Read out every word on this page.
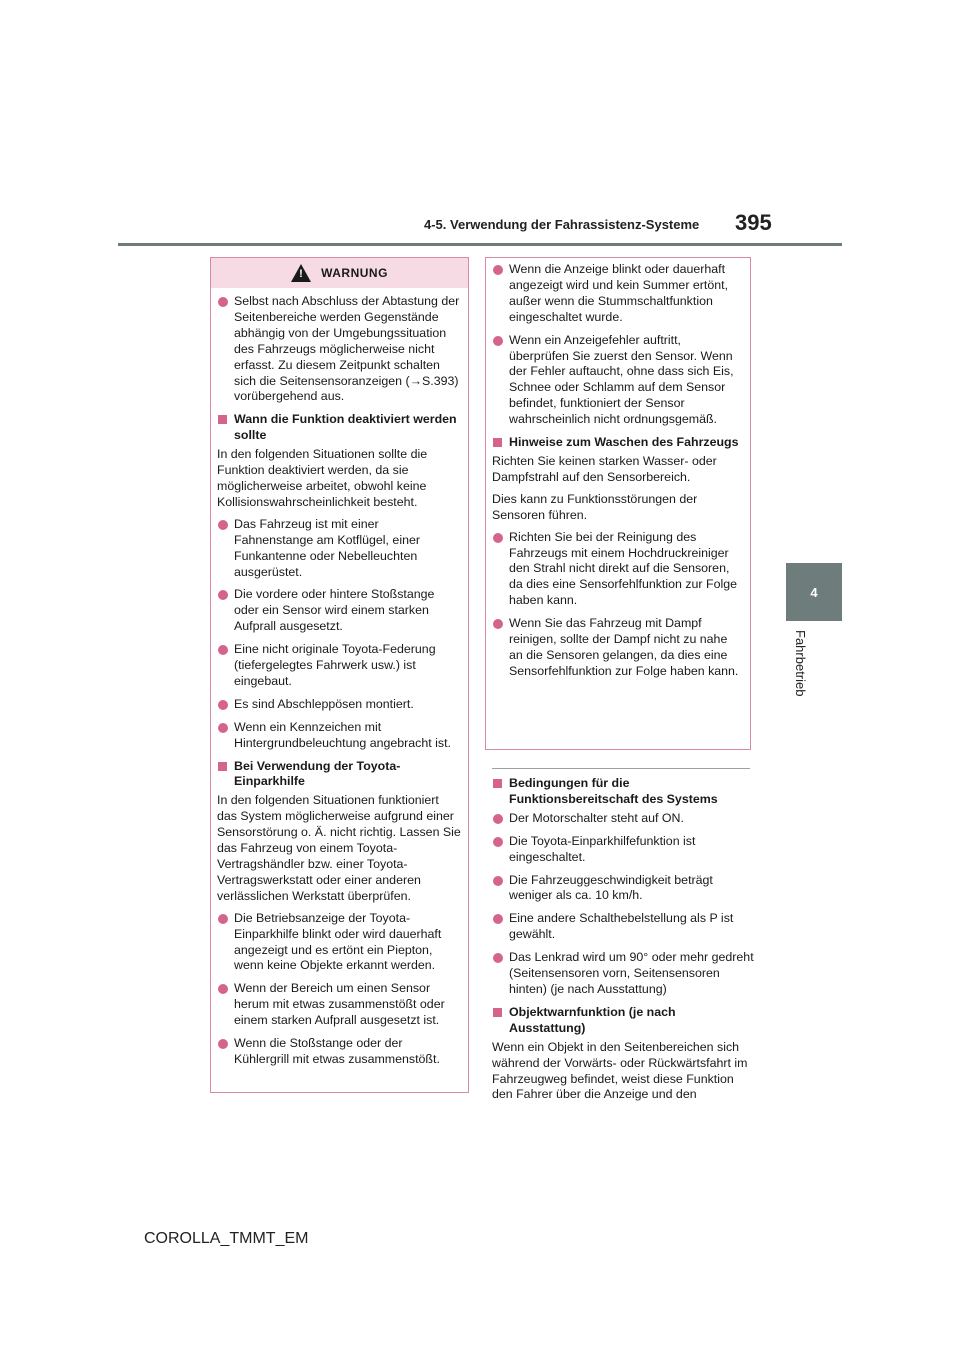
4-5. Verwendung der Fahrassistenz-Systeme 395
4
Fahrbetrieb
!
WARNUNG
Selbst nach Abschluss der Abtastung der Seitenbereiche werden Gegenstände abhängig von der Umgebungssituation des Fahrzeugs möglicherweise nicht erfasst. Zu diesem Zeitpunkt schalten sich die Seitensensoranzeigen (→S.393) vorübergehend aus.
Wann die Funktion deaktiviert werden sollte
In den folgenden Situationen sollte die Funktion deaktiviert werden, da sie möglicherweise arbeitet, obwohl keine Kollisionswahrscheinlichkeit besteht.
Das Fahrzeug ist mit einer Fahnenstange am Kotflügel, einer Funkantenne oder Nebelleuchten ausgerüstet.
Die vordere oder hintere Stoßstange oder ein Sensor wird einem starken Aufprall ausgesetzt.
Eine nicht originale Toyota-Federung (tiefergelegtes Fahrwerk usw.) ist eingebaut.
Es sind Abschleppösen montiert.
Wenn ein Kennzeichen mit Hintergrundbeleuchtung angebracht ist.
Bei Verwendung der Toyota-Einparkhilfe
In den folgenden Situationen funktioniert das System möglicherweise aufgrund einer Sensorstörung o. Ä. nicht richtig. Lassen Sie das Fahrzeug von einem Toyota-Vertragshändler bzw. einer Toyota-Vertragswerkstatt oder einer anderen verlässlichen Werkstatt überprüfen.
Die Betriebsanzeige der Toyota-Einparkhilfe blinkt oder wird dauerhaft angezeigt und es ertönt ein Piepton, wenn keine Objekte erkannt werden.
Wenn der Bereich um einen Sensor herum mit etwas zusammenstößt oder einem starken Aufprall ausgesetzt ist.
Wenn die Stoßstange oder der Kühlergrill mit etwas zusammenstößt.
Wenn die Anzeige blinkt oder dauerhaft angezeigt wird und kein Summer ertönt, außer wenn die Stummschaltfunktion eingeschaltet wurde.
Wenn ein Anzeigefehler auftritt, überprüfen Sie zuerst den Sensor. Wenn der Fehler auftaucht, ohne dass sich Eis, Schnee oder Schlamm auf dem Sensor befindet, funktioniert der Sensor wahrscheinlich nicht ordnungsgemäß.
Hinweise zum Waschen des Fahrzeugs
Richten Sie keinen starken Wasser- oder Dampfstrahl auf den Sensorbereich.
Dies kann zu Funktionsstörungen der Sensoren führen.
Richten Sie bei der Reinigung des Fahrzeugs mit einem Hochdruckreiniger den Strahl nicht direkt auf die Sensoren, da dies eine Sensorfehlfunktion zur Folge haben kann.
Wenn Sie das Fahrzeug mit Dampf reinigen, sollte der Dampf nicht zu nahe an die Sensoren gelangen, da dies eine Sensorfehlfunktion zur Folge haben kann.
Bedingungen für die Funktionsbereitschaft des Systems
Der Motorschalter steht auf ON.
Die Toyota-Einparkhilfefunktion ist eingeschaltet.
Die Fahrzeuggeschwindigkeit beträgt weniger als ca. 10 km/h.
Eine andere Schalthebelstellung als P ist gewählt.
Das Lenkrad wird um 90° oder mehr gedreht (Seitensensoren vorn, Seitensensoren hinten) (je nach Ausstattung)
Objektwarnfunktion (je nach Ausstattung)
Wenn ein Objekt in den Seitenbereichen sich während der Vorwärts- oder Rückwärtsfahrt im Fahrzeugweg befindet, weist diese Funktion den Fahrer über die Anzeige und den
COROLLA_TMMT_EM
